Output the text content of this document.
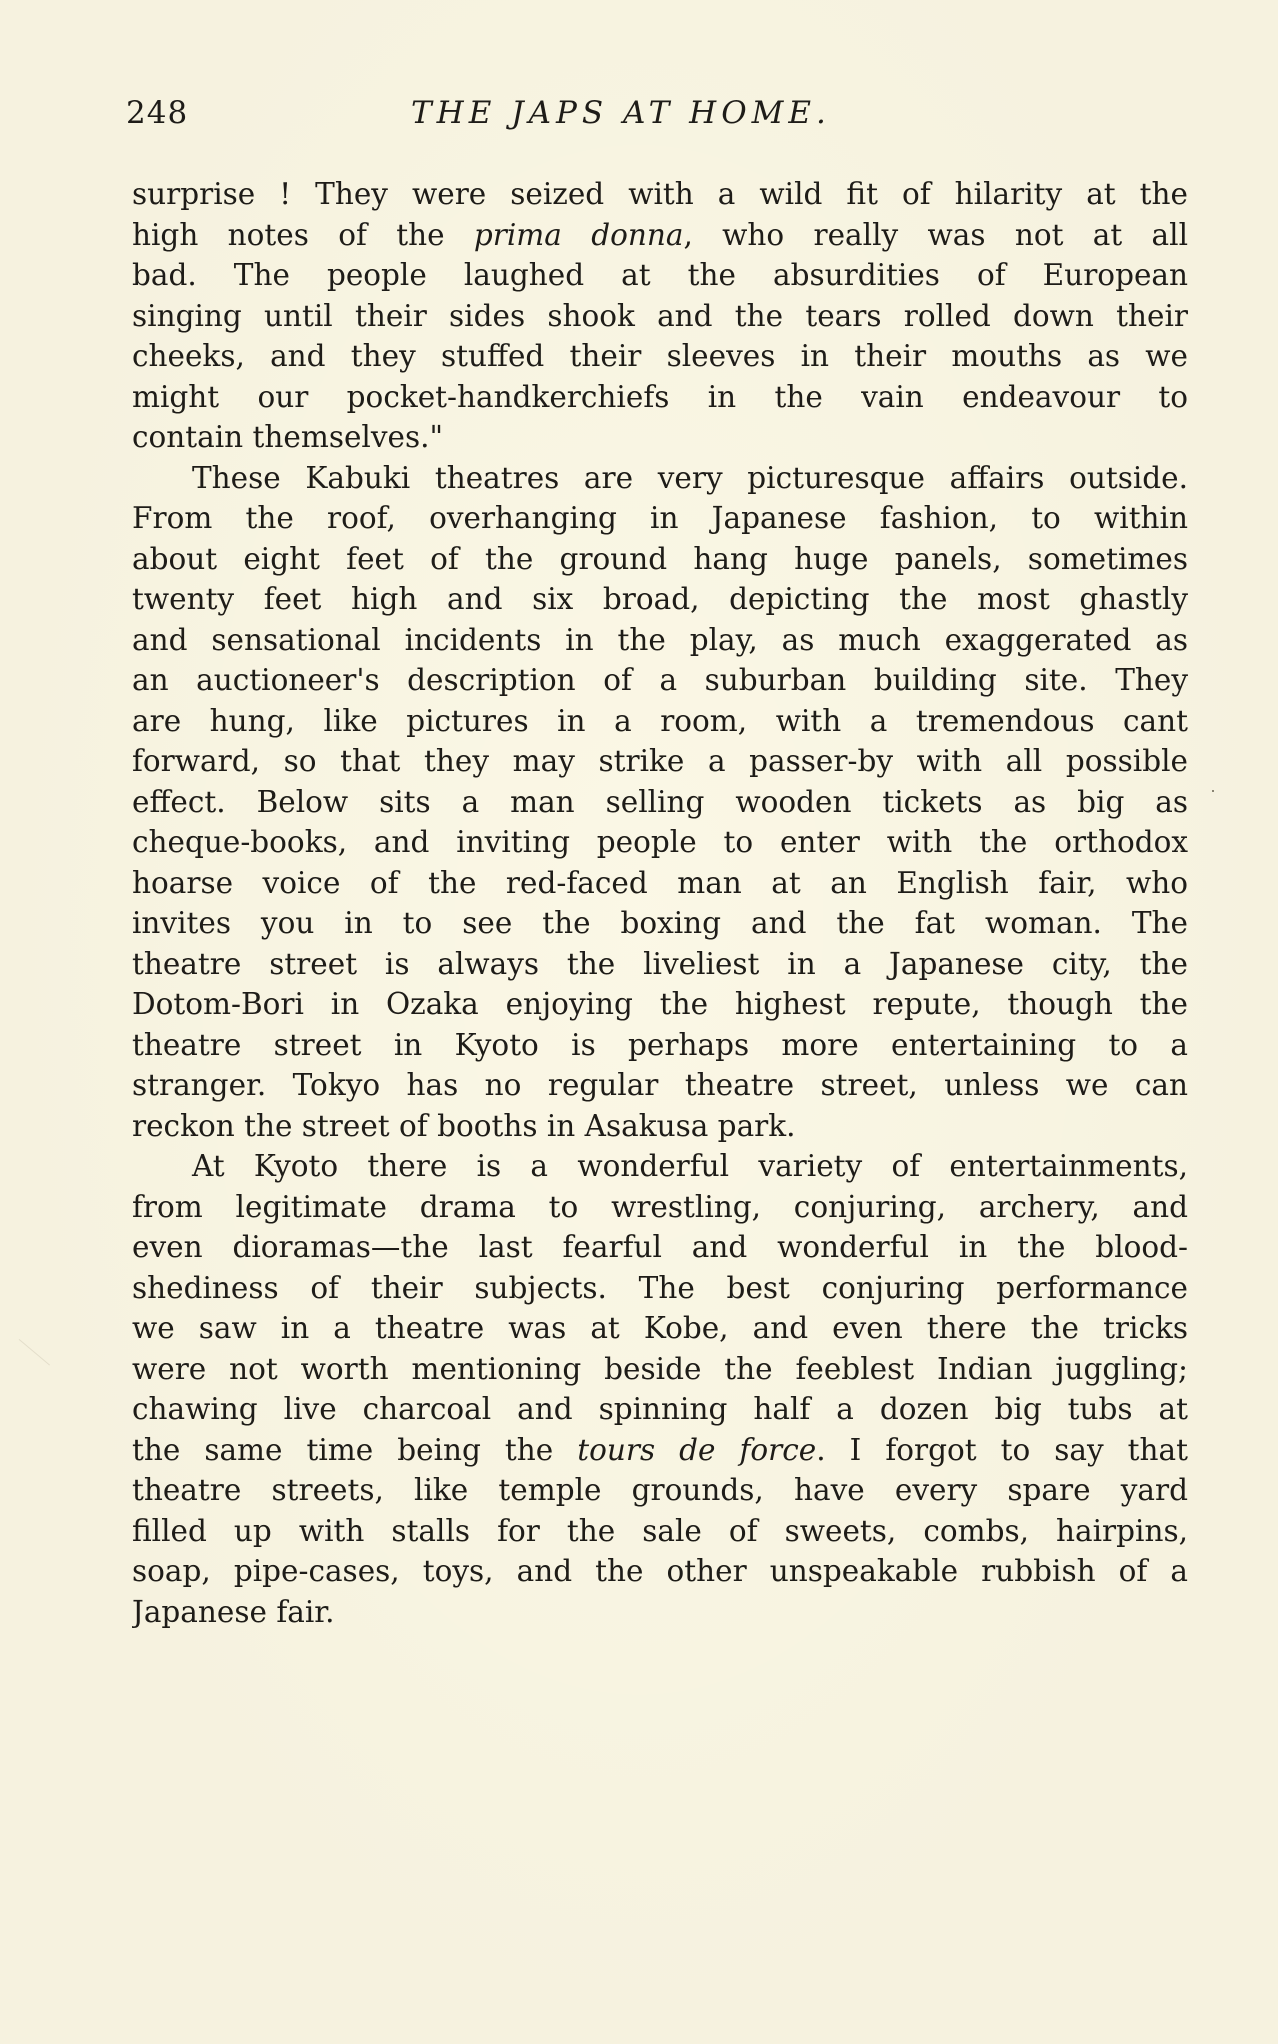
248	THE JAPS AT HOME.
surprise ! They were seized with a wild fit of hilarity at the
high notes of the prima donna, who really was not at all
bad. The people laughed at the absurdities of European
singing until their sides shook and the tears rolled down their
cheeks, and they stuffed their sleeves in their mouths as we
might our pocket-handkerchiefs in the vain endeavour to
contain themselves."
These Kabuki theatres are very picturesque affairs outside.
From the roof, overhanging in Japanese fashion, to within
about eight feet of the ground hang huge panels, sometimes
twenty feet high and six broad, depicting the most ghastly
and sensational incidents in the play, as much exaggerated as
an auctioneer's description of a suburban building site. They
are hung, like pictures in a room, with a tremendous cant
forward, so that they may strike a passer-by with all possible
effect. Below sits a man selling wooden tickets as big as
cheque-books, and inviting people to enter with the orthodox
hoarse voice of the red-faced man at an English fair, who
invites you in to see the boxing and the fat woman. The
theatre street is always the liveliest in a Japanese city, the
Dotom-Bori in Ozaka enjoying the highest repute, though the
theatre street in Kyoto is perhaps more entertaining to a
stranger. Tokyo has no regular theatre street, unless we can
reckon the street of booths in Asakusa park.
At Kyoto there is a wonderful variety of entertainments,
from legitimate drama to wrestling, conjuring, archery, and
even dioramas—the last fearful and wonderful in the blood-
shediness of their subjects. The best conjuring performance
we saw in a theatre was at Kobe, and even there the tricks
were not worth mentioning beside the feeblest Indian juggling;
chawing live charcoal and spinning half a dozen big tubs at
the same time being the tours de force. I forgot to say that
theatre streets, like temple grounds, have every spare yard
filled up with stalls for the sale of sweets, combs, hairpins,
soap, pipe-cases, toys, and the other unspeakable rubbish of a
Japanese fair.
